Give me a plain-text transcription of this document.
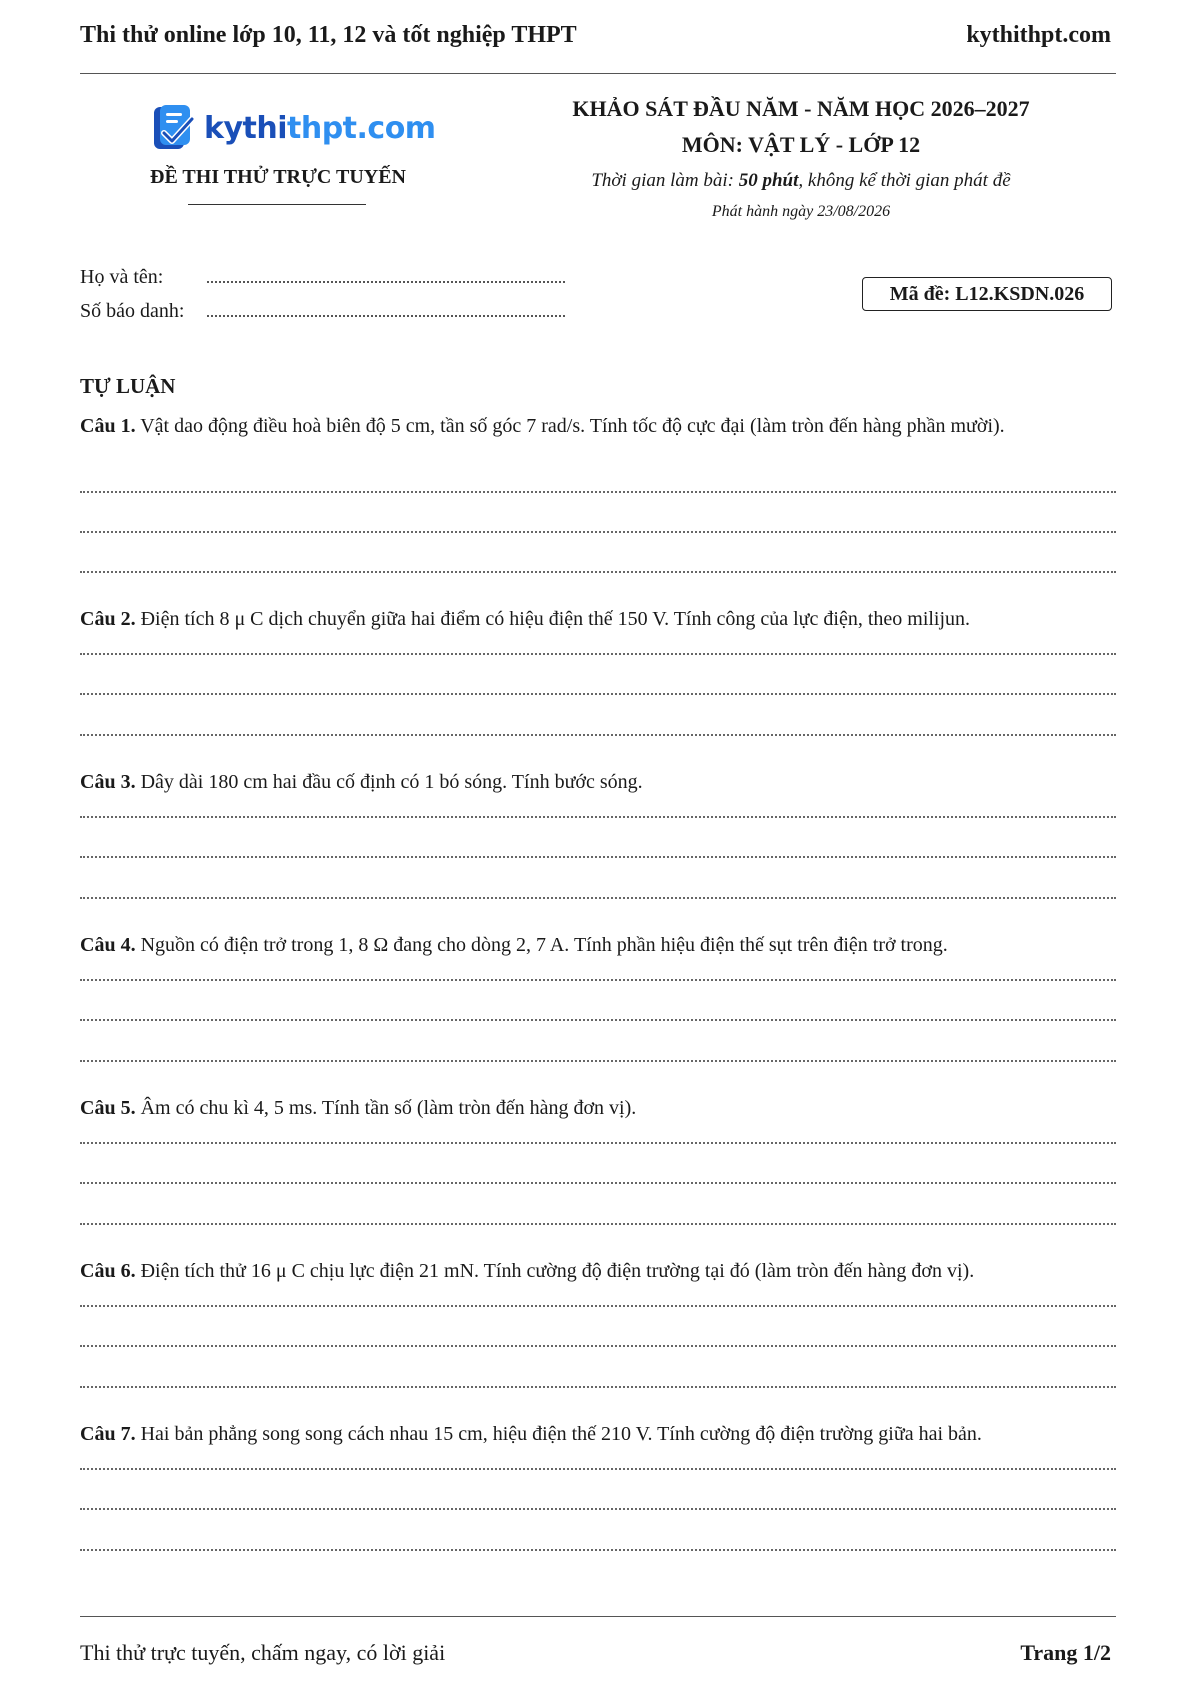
Thi thử online lớp 10, 11, 12 và tốt nghiệp THPT	kythithpt.com
kythithpt.com
ĐỀ THI THỬ TRỰC TUYẾN
KHẢO SÁT ĐẦU NĂM - NĂM HỌC 2026–2027
MÔN: VẬT LÝ - LỚP 12
Thời gian làm bài: 50 phút, không kể thời gian phát đề
Phát hành ngày 23/08/2026
Họ và tên:
Số báo danh:
Mã đề: L12.KSDN.026
TỰ LUẬN
Câu 1. Vật dao động điều hoà biên độ 5 cm, tần số góc 7 rad/s. Tính tốc độ cực đại (làm tròn đến hàng phần mười).
Câu 2. Điện tích 8 μ C dịch chuyển giữa hai điểm có hiệu điện thế 150 V. Tính công của lực điện, theo milijun.
Câu 3. Dây dài 180 cm hai đầu cố định có 1 bó sóng. Tính bước sóng.
Câu 4. Nguồn có điện trở trong 1, 8 Ω đang cho dòng 2, 7 A. Tính phần hiệu điện thế sụt trên điện trở trong.
Câu 5. Âm có chu kì 4, 5 ms. Tính tần số (làm tròn đến hàng đơn vị).
Câu 6. Điện tích thử 16 μ C chịu lực điện 21 mN. Tính cường độ điện trường tại đó (làm tròn đến hàng đơn vị).
Câu 7. Hai bản phẳng song song cách nhau 15 cm, hiệu điện thế 210 V. Tính cường độ điện trường giữa hai bản.
Thi thử trực tuyến, chấm ngay, có lời giải	Trang 1/2
